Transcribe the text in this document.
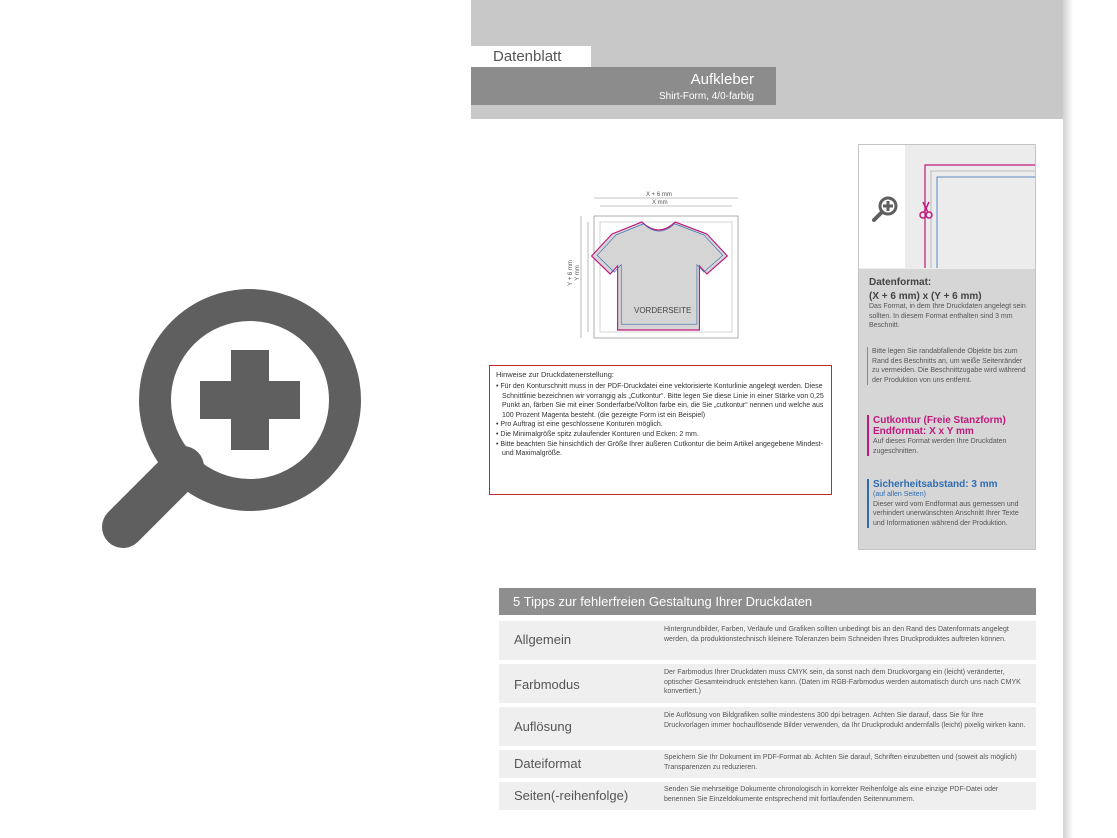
Datenblatt
Aufkleber
Shirt-Form, 4/0-farbig
X + 6 mm
X mm
Y + 6 mm Y mm
VORDERSEITE
Hinweise zur Druckdatenerstellung:
• Für den Konturschnitt muss in der PDF-Druckdatei eine vektorisierte Konturlinie angelegt werden. Diese Schnittlinie bezeichnen wir vorrangig als „Cutkontur“. Bitte legen Sie diese Linie in einer Stärke von 0,25 Punkt an, färben Sie mit einer Sonderfarbe/Vollton farbe ein, die Sie „cutkontur“ nennen und welche aus 100 Prozent Magenta besteht. (die gezeigte Form ist ein Beispiel)
• Pro Auftrag ist eine geschlossene Konturen möglich.
• Die Minimalgröße spitz zulaufender Konturen und Ecken: 2 mm.
• Bitte beachten Sie hinsichtlich der Größe Ihrer äußeren Cutkontur die beim Artikel angegebene Mindest- und Maximalgröße.
Datenformat:
(X + 6 mm) x (Y + 6 mm)
Das Format, in dem Ihre Druckdaten angelegt sein sollten. In diesem Format enthalten sind 3 mm Beschnitt.
Bitte legen Sie randabfallende Objekte bis zum Rand des Beschnitts an, um weiße Seitenränder zu vermeiden. Die Beschnittzugabe wird während der Produktion von uns entfernt.
Cutkontur (Freie Stanzform)
Endformat: X x Y mm
Auf dieses Format werden Ihre Druckdaten zugeschnitten.
Sicherheitsabstand: 3 mm
(auf allen Seiten)
Dieser wird vom Endformat aus gemessen und verhindert unerwünschten Anschnitt Ihrer Texte und Informationen während der Produktion.
5 Tipps zur fehlerfreien Gestaltung Ihrer Druckdaten
Allgemein
Hintergrundbilder, Farben, Verläufe und Grafiken sollten unbedingt bis an den Rand des Datenformats angelegt werden, da produktionstechnisch kleinere Toleranzen beim Schneiden Ihres Druckproduktes auftreten können.
Farbmodus
Der Farbmodus Ihrer Druckdaten muss CMYK sein, da sonst nach dem Druckvorgang ein (leicht) veränderter, optischer Gesamteindruck entstehen kann. (Daten im RGB-Farbmodus werden automatisch durch uns nach CMYK konvertiert.)
Auflösung
Die Auflösung von Bildgrafiken sollte mindestens 300 dpi betragen. Achten Sie darauf, dass Sie für Ihre Druckvorlagen immer hochauflösende Bilder verwenden, da Ihr Druckprodukt andernfalls (leicht) pixelig wirken kann.
Dateiformat	Speichern Sie Ihr Dokument im PDF-Format ab. Achten Sie darauf, Schriften einzubetten und (soweit als möglich) Transparenzen zu reduzieren.
Seiten(-reihenfolge)	Senden Sie mehrseitige Dokumente chronologisch in korrekter Reihenfolge als eine einzige PDF-Datei oder benennen Sie Einzeldokumente entsprechend mit fortlaufenden Seitennummern.
